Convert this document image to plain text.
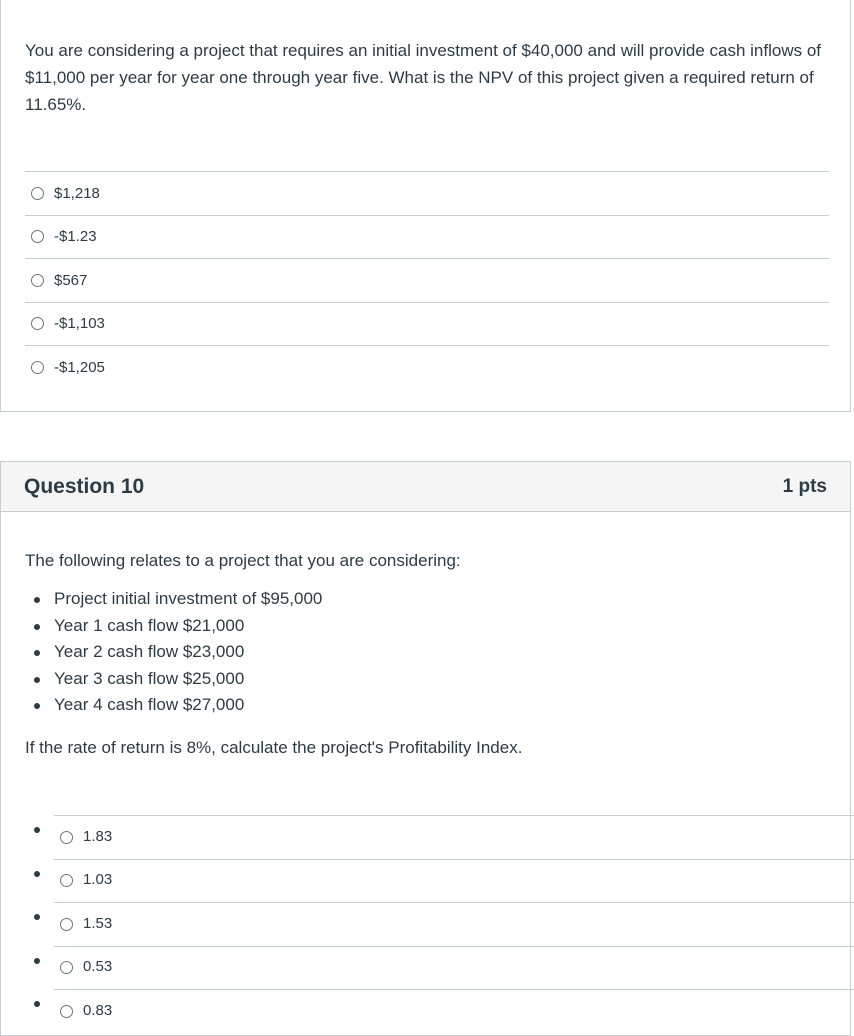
You are considering a project that requires an initial investment of $40,000 and will provide cash inflows of $11,000 per year for year one through year five. What is the NPV of this project given a required return of 11.65%.

$1,218
-$1.23
$567
-$1,103
-$1,205
Question 10	1 pts

The following relates to a project that you are considering:

Project initial investment of $95,000
Year 1 cash flow $21,000
Year 2 cash flow $23,000
Year 3 cash flow $25,000
Year 4 cash flow $27,000

If the rate of return is 8%, calculate the project's Profitability Index.

1.83
1.03
1.53
0.53
0.83
